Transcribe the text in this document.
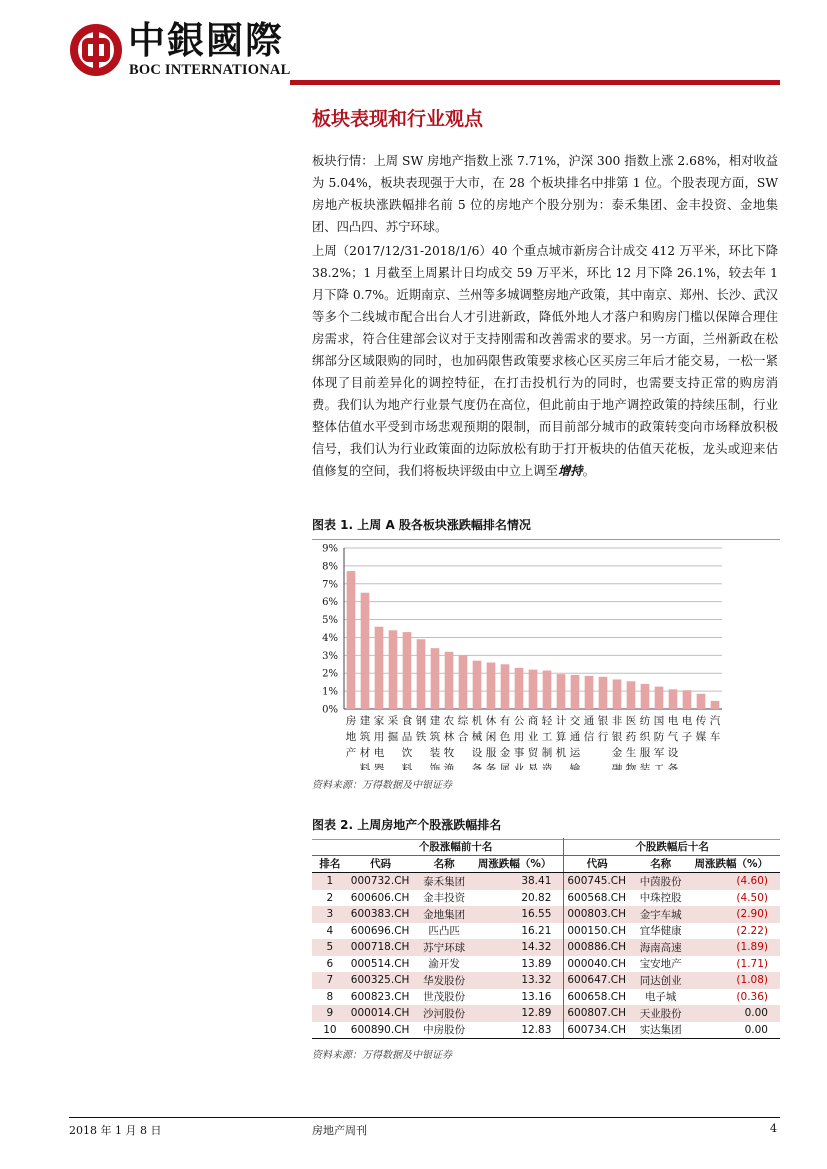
中銀國際
BOC INTERNATIONAL
板块表现和行业观点
板块行情：上周 SW 房地产指数上涨 7.71%，沪深 300 指数上涨 2.68%，相对收益为 5.04%，板块表现强于大市，在 28 个板块排名中排第 1 位。个股表现方面，SW 房地产板块涨跌幅排名前 5 位的房地产个股分别为：泰禾集团、金丰投资、金地集团、四凸四、苏宁环球。
上周（2017/12/31-2018/1/6）40 个重点城市新房合计成交 412 万平米，环比下降 38.2%；1 月截至上周累计日均成交 59 万平米，环比 12 月下降 26.1%，较去年 1 月下降 0.7%。近期南京、兰州等多城调整房地产政策，其中南京、郑州、长沙、武汉等多个二线城市配合出台人才引进新政，降低外地人才落户和购房门槛以保障合理住房需求，符合住建部会议对于支持刚需和改善需求的要求。另一方面，兰州新政在松绑部分区域限购的同时，也加码限售政策要求核心区买房三年后才能交易，一松一紧体现了目前差异化的调控特征，在打击投机行为的同时，也需要支持正常的购房消费。我们认为地产行业景气度仍在高位，但此前由于地产调控政策的持续压制，行业整体估值水平受到市场悲观预期的限制，而目前部分城市的政策转变向市场释放积极信号，我们认为行业政策面的边际放松有助于打开板块的估值天花板，龙头或迎来估值修复的空间，我们将板块评级由中立上调至增持。
图表 1. 上周 A 股各板块涨跌幅排名情况
0%
1%
2%
3%
4%
5%
6%
7%
8%
9%
房
地
产
建
筑
材
料
家
用
电
器
采
掘
食
品
饮
料
钢
铁
建
筑
装
饰
农
林
牧
渔
综
合
机
械
设
备
休
闲
服
务
有
色
金
属
公
用
事
业
商
业
贸
易
轻
工
制
造
计
算
机
交
通
运
输
通
信
银
行
非
银
金
融
医
药
生
物
纺
织
服
装
国
防
军
工
电
气
设
备
电
子
传
媒
汽
车
资料来源：万得数据及中银证券
图表 2. 上周房地产个股涨跌幅排名
	个股涨幅前十名			个股跌幅后十名		
排名	代码	名称	周涨跌幅（%）	代码	名称	周涨跌幅（%）
1	000732.CH	泰禾集团	38.41	600745.CH	中茵股份	(4.60)
2	600606.CH	金丰投资	20.82	600568.CH	中珠控股	(4.50)
3	600383.CH	金地集团	16.55	000803.CH	金宇车城	(2.90)
4	600696.CH	匹凸匹	16.21	000150.CH	宜华健康	(2.22)
5	000718.CH	苏宁环球	14.32	000886.CH	海南高速	(1.89)
6	000514.CH	渝开发	13.89	000040.CH	宝安地产	(1.71)
7	600325.CH	华发股份	13.32	600647.CH	同达创业	(1.08)
8	600823.CH	世茂股份	13.16	600658.CH	电子城	(0.36)
9	000014.CH	沙河股份	12.89	600807.CH	天业股份	0.00
10	600890.CH	中房股份	12.83	600734.CH	实达集团	0.00
资料来源：万得数据及中银证券
2018 年 1 月 8 日	房地产周刊	4
